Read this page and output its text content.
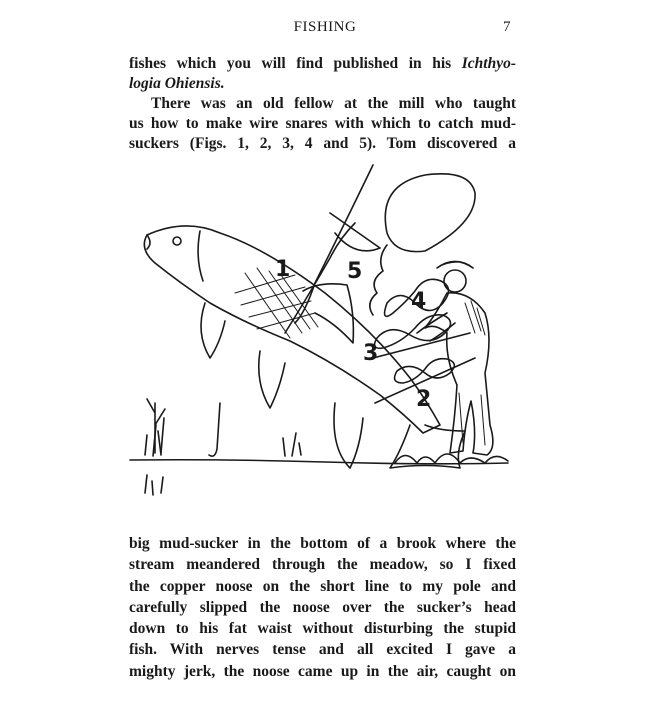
FISHING	7
fishes which you will find published in his Ichthyo-
logia Ohiensis.
There was an old fellow at the mill who taught
us how to make wire snares with which to catch mud-
suckers (Figs. 1, 2, 3, 4 and 5). Tom discovered a
1	5
4
3
2
big mud-sucker in the bottom of a brook where the
stream meandered through the meadow, so I fixed
the copper noose on the short line to my pole and
carefully slipped the noose over the sucker’s head
down to his fat waist without disturbing the stupid
fish. With nerves tense and all excited I gave a
mighty jerk, the noose came up in the air, caught on
